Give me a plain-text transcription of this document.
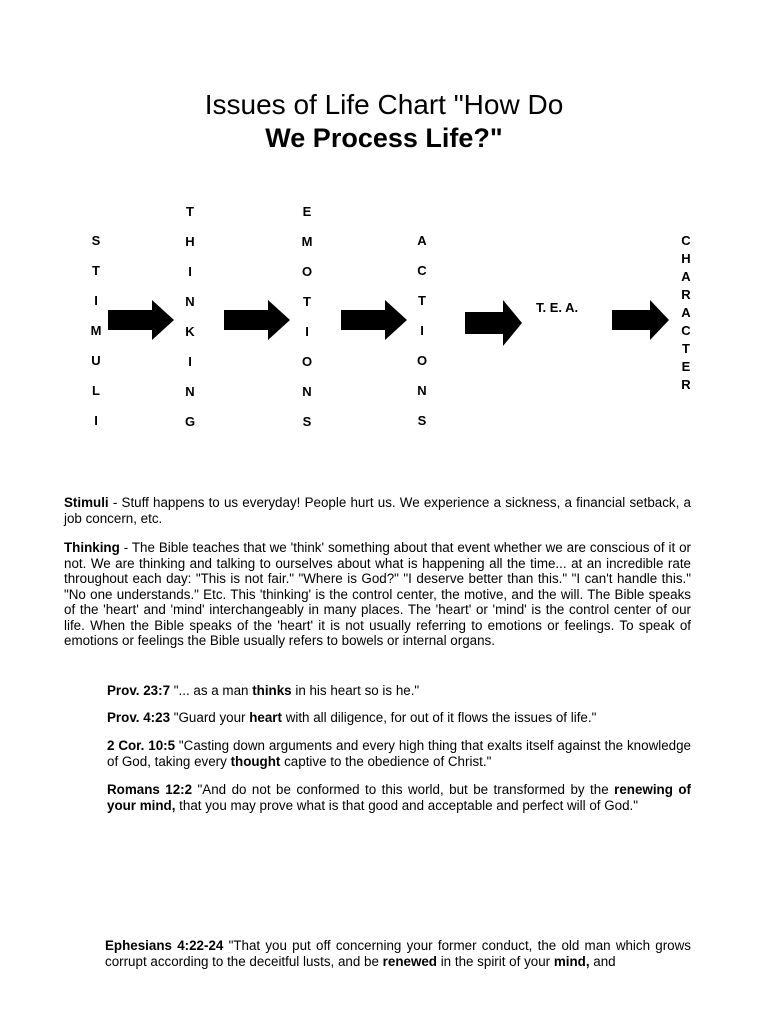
Issues of Life Chart "How Do
We Process Life?"
S
T
I
M
U
L
I
T
H
I
N
K
I
N
G
E
M
O
T
I
O
N
S
A
C
T
I
O
N
S
T. E. A.
C
H
A
R
A
C
T
E
R
Stimuli - Stuff happens to us everyday! People hurt us. We experience a sickness, a financial setback, a job concern, etc.
Thinking - The Bible teaches that we 'think' something about that event whether we are conscious of it or not. We are thinking and talking to ourselves about what is happening all the time... at an incredible rate throughout each day: "This is not fair." "Where is God?" "I deserve better than this." "I can't handle this." "No one understands." Etc. This 'thinking' is the control center, the motive, and the will. The Bible speaks of the 'heart' and 'mind' interchangeably in many places. The 'heart' or 'mind' is the control center of our life. When the Bible speaks of the 'heart' it is not usually referring to emotions or feelings. To speak of emotions or feelings the Bible usually refers to bowels or internal organs.
Prov. 23:7 "... as a man thinks in his heart so is he."
Prov. 4:23 "Guard your heart with all diligence, for out of it flows the issues of life."
2 Cor. 10:5 "Casting down arguments and every high thing that exalts itself against the knowledge of God, taking every thought captive to the obedience of Christ."
Romans 12:2 "And do not be conformed to this world, but be transformed by the renewing of your mind, that you may prove what is that good and acceptable and perfect will of God."
Ephesians 4:22-24 "That you put off concerning your former conduct, the old man which grows corrupt according to the deceitful lusts, and be renewed in the spirit of your mind, and
